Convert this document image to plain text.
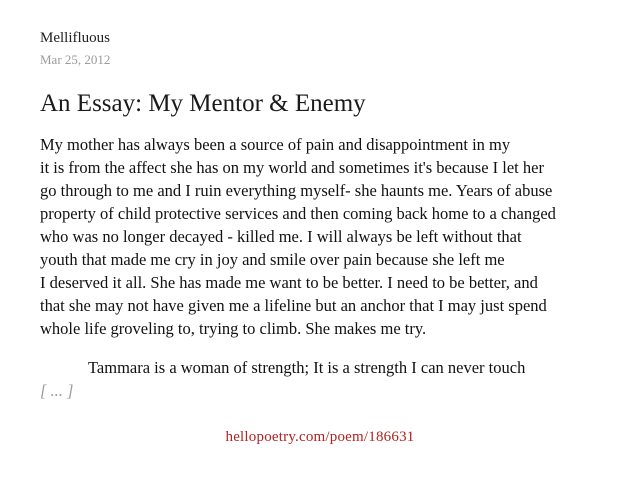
Mellifluous
Mar 25, 2012
An Essay: My Mentor & Enemy
My mother has always been a source of pain and disappointment in my
it is from the affect she has on my world and sometimes it's because I let her
go through to me and I ruin everything myself- she haunts me. Years of abuse
property of child protective services and then coming back home to a changed
who was no longer decayed - killed me. I will always be left without that
youth that made me cry in joy and smile over pain because she left me
I deserved it all. She has made me want to be better. I need to be better, and
that she may not have given me a lifeline but an anchor that I may just spend
whole life groveling to, trying to climb. She makes me try.
Tammara is a woman of strength; It is a strength I can never touch
[ ... ]
hellopoetry.com/poem/186631
